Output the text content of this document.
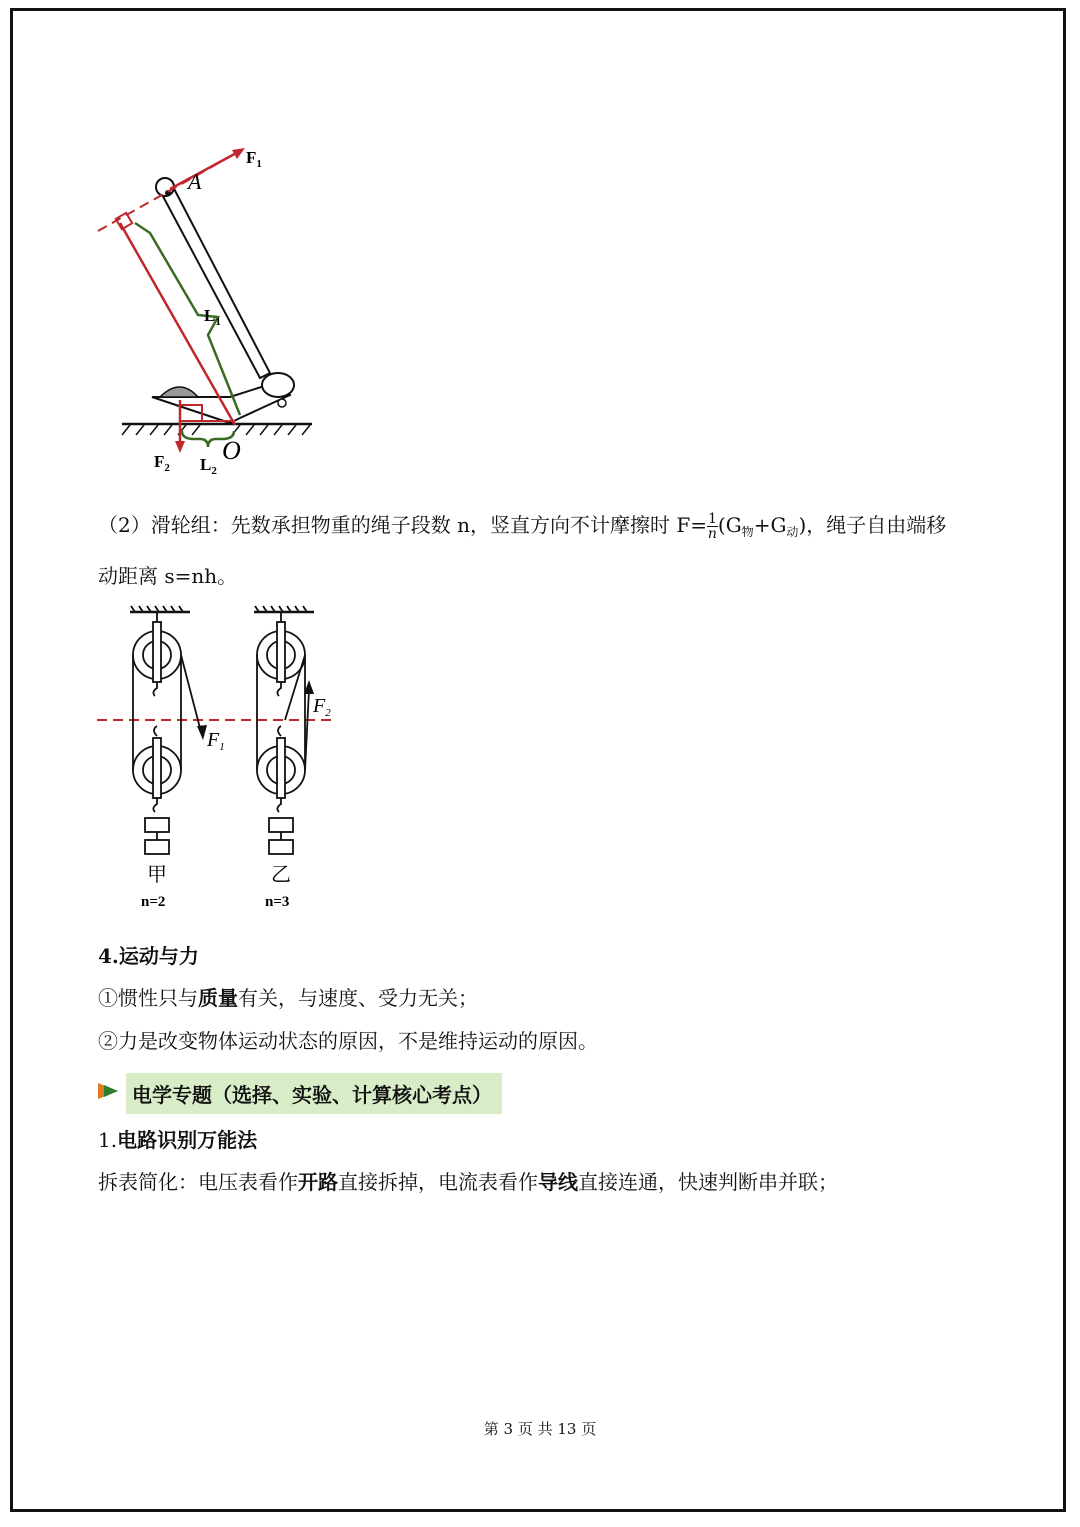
$F_1$
A
$L_1$
$F_2$ $L_2$
O
（2）滑轮组：先数承担物重的绳子段数 n，竖直方向不计摩擦时 $F= \frac{1}{n} (G_物+G_动)$，绳子自由端移
动距离 s=nh。
$F_1$
$F_2$
甲
n=2
乙
n=3
4.运动与力
①惯性只与质量有关，与速度、受力无关；
②力是改变物体运动状态的原因，不是维持运动的原因。
电学专题（选择、实验、计算核心考点）
1.电路识别万能法
拆表简化：电压表看作开路直接拆掉，电流表看作导线直接连通，快速判断串并联；
第 3 页 共 13 页
